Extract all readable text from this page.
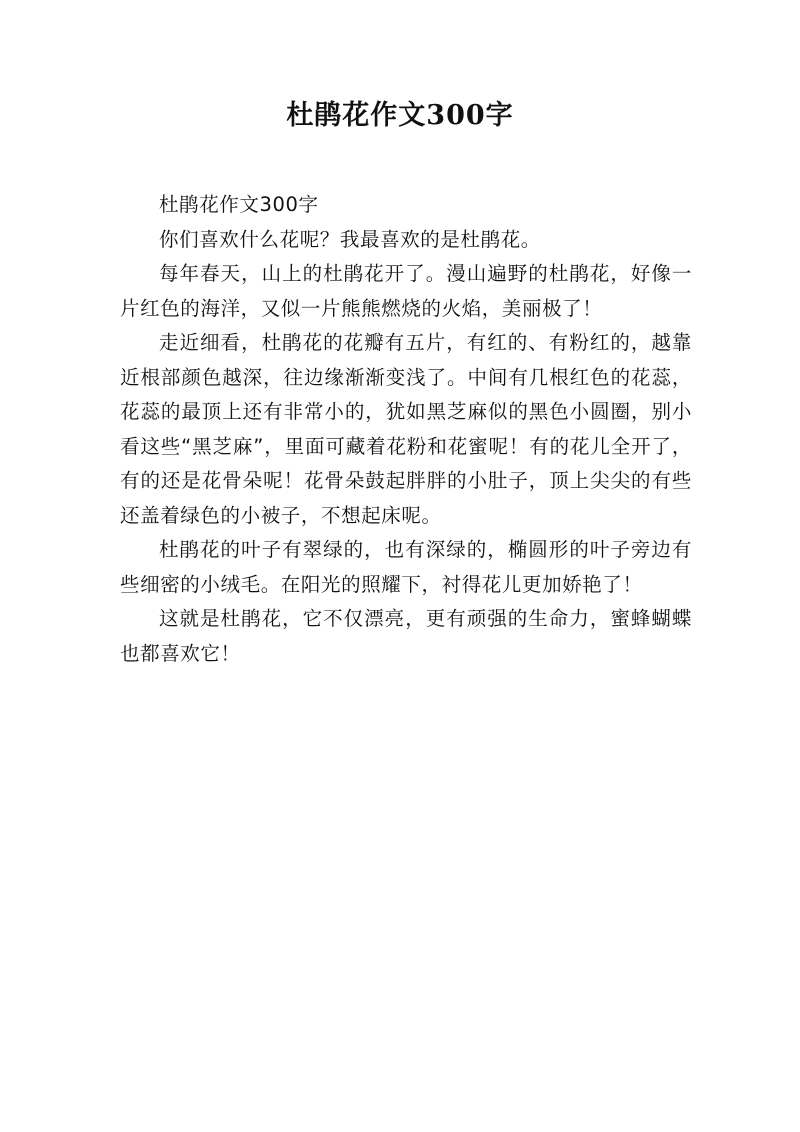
杜鹃花作文300字

杜鹃花作文300字

你们喜欢什么花呢？我最喜欢的是杜鹃花。

每年春天，山上的杜鹃花开了。漫山遍野的杜鹃花，好像一片红色的海洋，又似一片熊熊燃烧的火焰，美丽极了！

走近细看，杜鹃花的花瓣有五片，有红的、有粉红的，越靠近根部颜色越深，往边缘渐渐变浅了。中间有几根红色的花蕊，花蕊的最顶上还有非常小的，犹如黑芝麻似的黑色小圆圈，别小看这些“黑芝麻”，里面可藏着花粉和花蜜呢！有的花儿全开了，有的还是花骨朵呢！花骨朵鼓起胖胖的小肚子，顶上尖尖的有些还盖着绿色的小被子，不想起床呢。

杜鹃花的叶子有翠绿的，也有深绿的，椭圆形的叶子旁边有些细密的小绒毛。在阳光的照耀下，衬得花儿更加娇艳了！

这就是杜鹃花，它不仅漂亮，更有顽强的生命力，蜜蜂蝴蝶也都喜欢它！
